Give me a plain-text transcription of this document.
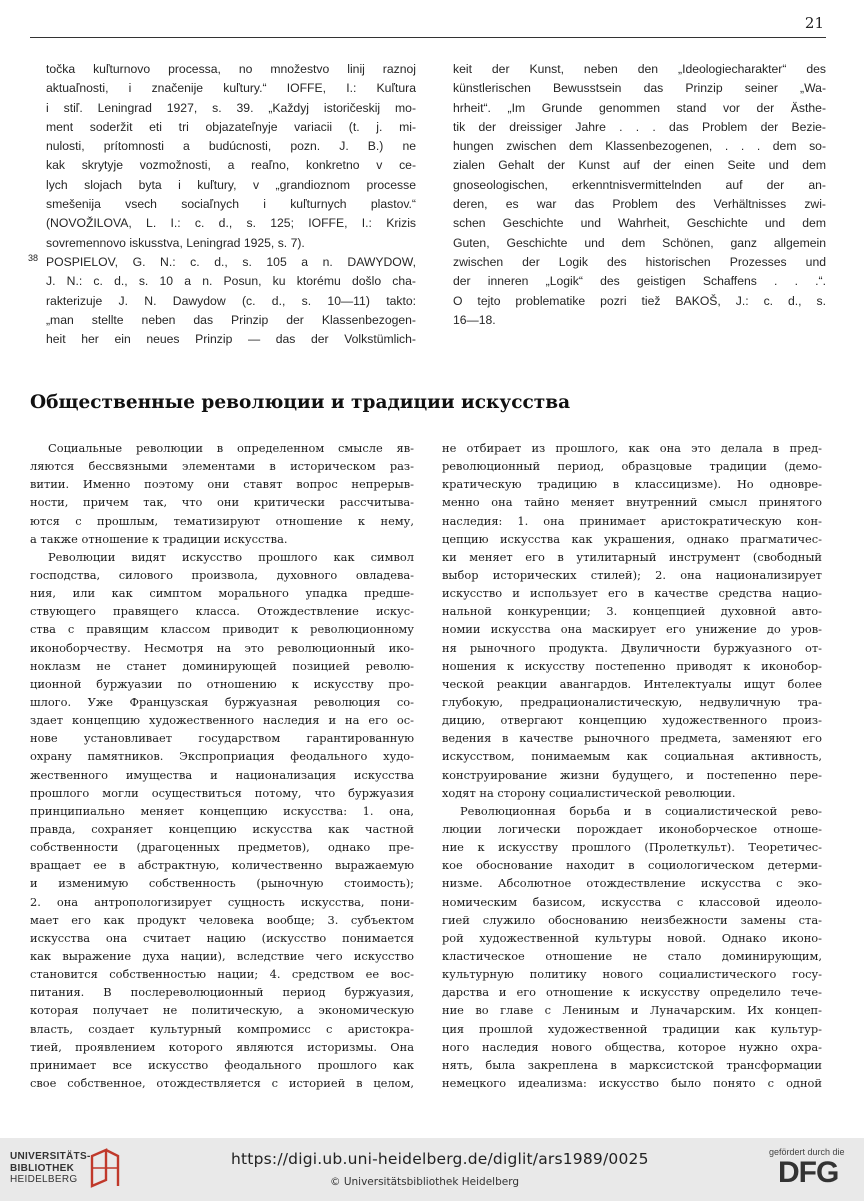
21
točka kuľturnovo processa, no množestvo linij raznoj
aktuaľnosti, i značenije kuľtury.“ IOFFE, I.: Kuľtura
i stiľ. Leningrad 1927, s. 39. „Každyj istoričeskij mo-
ment soderžit eti tri objazateľnyje variacii (t. j. mi-
nulosti, prítomnosti a budúcnosti, pozn. J. B.) ne
kak skrytyje vozmožnosti, a reaľno, konkretno v ce-
lych slojach byta i kuľtury, v „grandioznom processe
smešenija vsech sociaľnych i kuľturnych plastov.“
(NOVOŽILOVA, L. I.: c. d., s. 125; IOFFE, I.: Krizis
sovremennovo iskusstva, Leningrad 1925, s. 7).
38 POSPIELOV, G. N.: c. d., s. 105 a n. DAWYDOW,
J. N.: c. d., s. 10 a n. Posun, ku ktorému došlo cha-
rakterizuje J. N. Dawydow (c. d., s. 10—11) takto:
„man stellte neben das Prinzip der Klassenbezogen-
heit her ein neues Prinzip — das der Volkstümlich-
keit der Kunst, neben den „Ideologiecharakter“ des
künstlerischen Bewusstsein das Prinzip seiner „Wa-
hrheit“. „Im Grunde genommen stand vor der Ästhe-
tik der dreissiger Jahre . . . das Problem der Bezie-
hungen zwischen dem Klassenbezogenen, . . . dem so-
zialen Gehalt der Kunst auf der einen Seite und dem
gnoseologischen, erkenntnisvermittelnden auf der an-
deren, es war das Problem des Verhältnisses zwi-
schen Geschichte und Wahrheit, Geschichte und dem
Guten, Geschichte und dem Schönen, ganz allgemein
zwischen der Logik des historischen Prozesses und
der inneren „Logik“ des geistigen Schaffens . . .“.
O tejto problematike pozri tiež BAKOŠ, J.: c. d., s.
16—18.
Общественные революции и традиции искусства
Социальные революции в определенном смысле яв-
ляются бессвязными элементами в историческом раз-
витии. Именно поэтому они ставят вопрос непрерыв-
ности, причем так, что они критически рассчитыва-
ются с прошлым, тематизируют отношение к нему,
а также отношение к традиции искусства.
Революции видят искусство прошлого как символ
господства, силового произвола, духовного овладева-
ния, или как симптом морального упадка предше-
ствующего правящего класса. Отождествление искус-
ства с правящим классом приводит к революционному
иконоборчеству. Несмотря на это революционный ико-
ноклазм не станет доминирующей позицией револю-
ционной буржуазии по отношению к искусству про-
шлого. Уже Французская буржуазная революция со-
здает концепцию художественного наследия и на его ос-
нове установливает государством гарантированную
охрану памятников. Экспроприация феодального худо-
жественного имущества и национализация искусства
прошлого могли осуществиться потому, что буржуазия
принципиально меняет концепцию искусства: 1. она,
правда, сохраняет концепцию искусства как частной
собственности (драгоценных предметов), однако пре-
вращает ее в абстрактную, количественно выражаемую
и изменимую собственность (рыночную стоимость);
2. она антропологизирует сущность искусства, пони-
мает его как продукт человека вообще; 3. субъектом
искусства она считает нацию (искусство понимается
как выражение духа нации), вследствие чего искусство
становится собственностью нации; 4. средством ее вос-
питания. В послереволюционный период буржуазия,
которая получает не политическую, а экономическую
власть, создает культурный компромисс с аристокра-
тией, проявлением которого являются историзмы. Она
принимает все искусство феодального прошлого как
свое собственное, отождествляется с историей в целом,
не отбирает из прошлого, как она это делала в пред-
революционный период, образцовые традиции (демо-
кратическую традицию в классицизме). Но одновре-
менно она тайно меняет внутренний смысл принятого
наследия: 1. она принимает аристократическую кон-
цепцию искусства как украшения, однако прагматичес-
ки меняет его в утилитарный инструмент (свободный
выбор исторических стилей); 2. она национализирует
искусство и использует его в качестве средства нацио-
нальной конкуренции; 3. концепцией духовной авто-
номии искусства она маскирует его унижение до уров-
ня рыночного продукта. Двуличности буржуазного от-
ношения к искусству постепенно приводят к иконобор-
ческой реакции авангардов. Интелектуалы ищут более
глубокую, предрационалистическую, недвуличную тра-
дицию, отвергают концепцию художественного произ-
ведения в качестве рыночного предмета, заменяют его
искусством, понимаемым как социальная активность,
конструирование жизни будущего, и постепенно пере-
ходят на сторону социалистической революции.
Революционная борьба и в социалистической рево-
люции логически порождает иконоборческое отноше-
ние к искусству прошлого (Пролеткульт). Теоретичес-
кое обоснование находит в социологическом детерми-
низме. Абсолютное отождествление искусства с эко-
номическим базисом, искусства с классовой идеоло-
гией служило обоснованию неизбежности замены ста-
рой художественной культуры новой. Однако иконо-
кластическое отношение не стало доминирующим,
культурную политику нового социалистического госу-
дарства и его отношение к искусству определило тече-
ние во главе с Лениным и Луначарским. Их концеп-
ция прошлой художественной традиции как культур-
ного наследия нового общества, которое нужно охра-
нять, была закреплена в марксистской трансформации
немецкого идеализма: искусство было понято с одной
UNIVERSITÄTS-
BIBLIOTHEK
HEIDELBERG
https://digi.ub.uni-heidelberg.de/diglit/ars1989/0025
© Universitätsbibliothek Heidelberg
gefördert durch die
DFG
